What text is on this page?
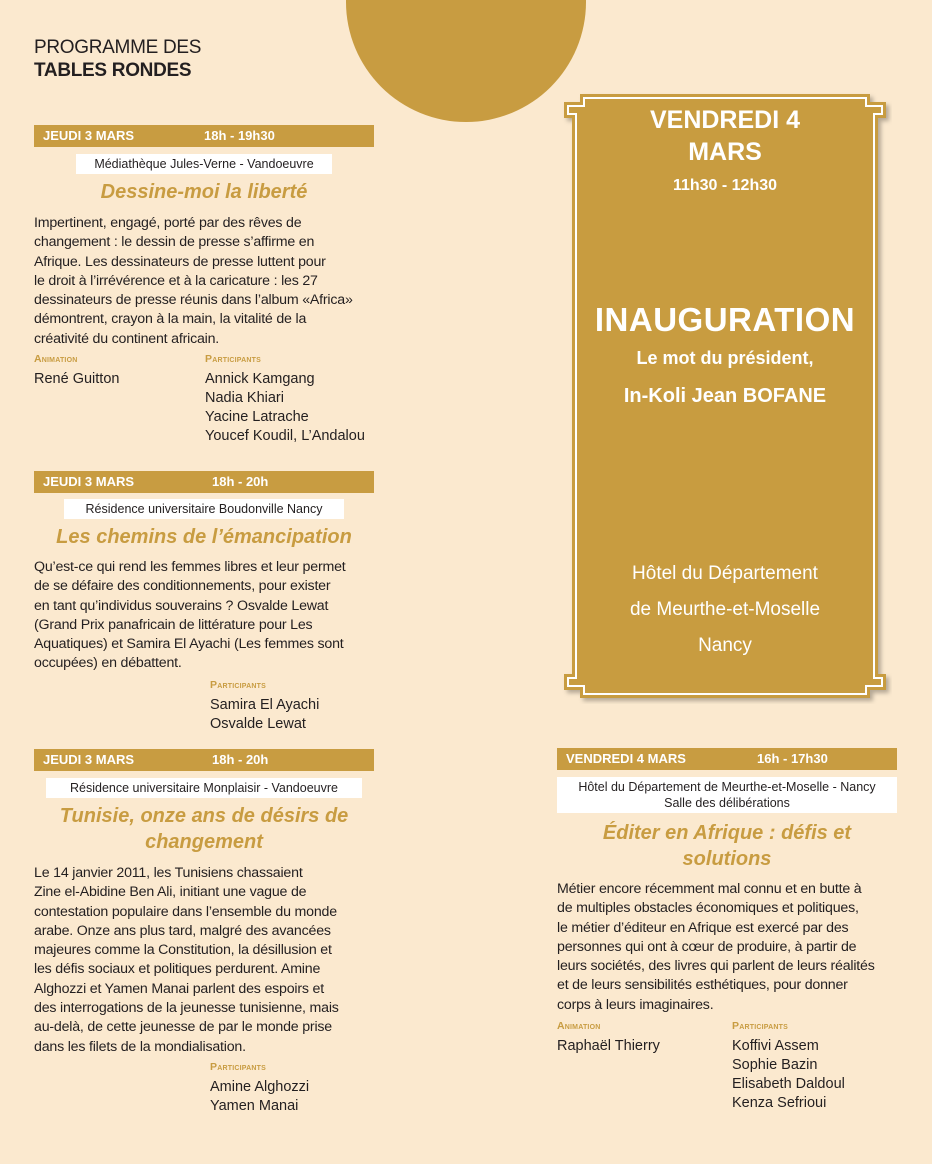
PROGRAMME DES
TABLES RONDES
JEUDI 3 MARS	18h - 19h30
Médiathèque Jules-Verne - Vandoeuvre
Dessine-moi la liberté
Impertinent, engagé, porté par des rêves de
changement : le dessin de presse s’affirme en
Afrique. Les dessinateurs de presse luttent pour
le droit à l’irrévérence et à la caricature : les 27
dessinateurs de presse réunis dans l’album «Africa»
démontrent, crayon à la main, la vitalité de la
créativité du continent africain.
Animation
René Guitton
Participants
Annick Kamgang
Nadia Khiari
Yacine Latrache
Youcef Koudil, L’Andalou
JEUDI 3 MARS	18h - 20h
Résidence universitaire Boudonville Nancy
Les chemins de l’émancipation
Qu’est-ce qui rend les femmes libres et leur permet
de se défaire des conditionnements, pour exister
en tant qu’individus souverains ? Osvalde Lewat
(Grand Prix panafricain de littérature pour Les
Aquatiques) et Samira El Ayachi (Les femmes sont
occupées) en débattent.
Participants
Samira El Ayachi
Osvalde Lewat
JEUDI 3 MARS	18h - 20h
Résidence universitaire Monplaisir - Vandoeuvre
Tunisie, onze ans de désirs de
changement
Le 14 janvier 2011, les Tunisiens chassaient
Zine el-Abidine Ben Ali, initiant une vague de
contestation populaire dans l’ensemble du monde
arabe. Onze ans plus tard, malgré des avancées
majeures comme la Constitution, la désillusion et
les défis sociaux et politiques perdurent. Amine
Alghozzi et Yamen Manai parlent des espoirs et
des interrogations de la jeunesse tunisienne, mais
au-delà, de cette jeunesse de par le monde prise
dans les filets de la mondialisation.
Participants
Amine Alghozzi
Yamen Manai
VENDREDI 4
MARS
11h30 - 12h30
INAUGURATION
Le mot du président,
In-Koli Jean BOFANE
Hôtel du Département
de Meurthe-et-Moselle
Nancy
VENDREDI 4 MARS	16h - 17h30
Hôtel du Département de Meurthe-et-Moselle - Nancy
Salle des délibérations
Éditer en Afrique : défis et
solutions
Métier encore récemment mal connu et en butte à
de multiples obstacles économiques et politiques,
le métier d’éditeur en Afrique est exercé par des
personnes qui ont à cœur de produire, à partir de
leurs sociétés, des livres qui parlent de leurs réalités
et de leurs sensibilités esthétiques, pour donner
corps à leurs imaginaires.
Animation
Raphaël Thierry
Participants
Koffivi Assem
Sophie Bazin
Elisabeth Daldoul
Kenza Sefrioui
